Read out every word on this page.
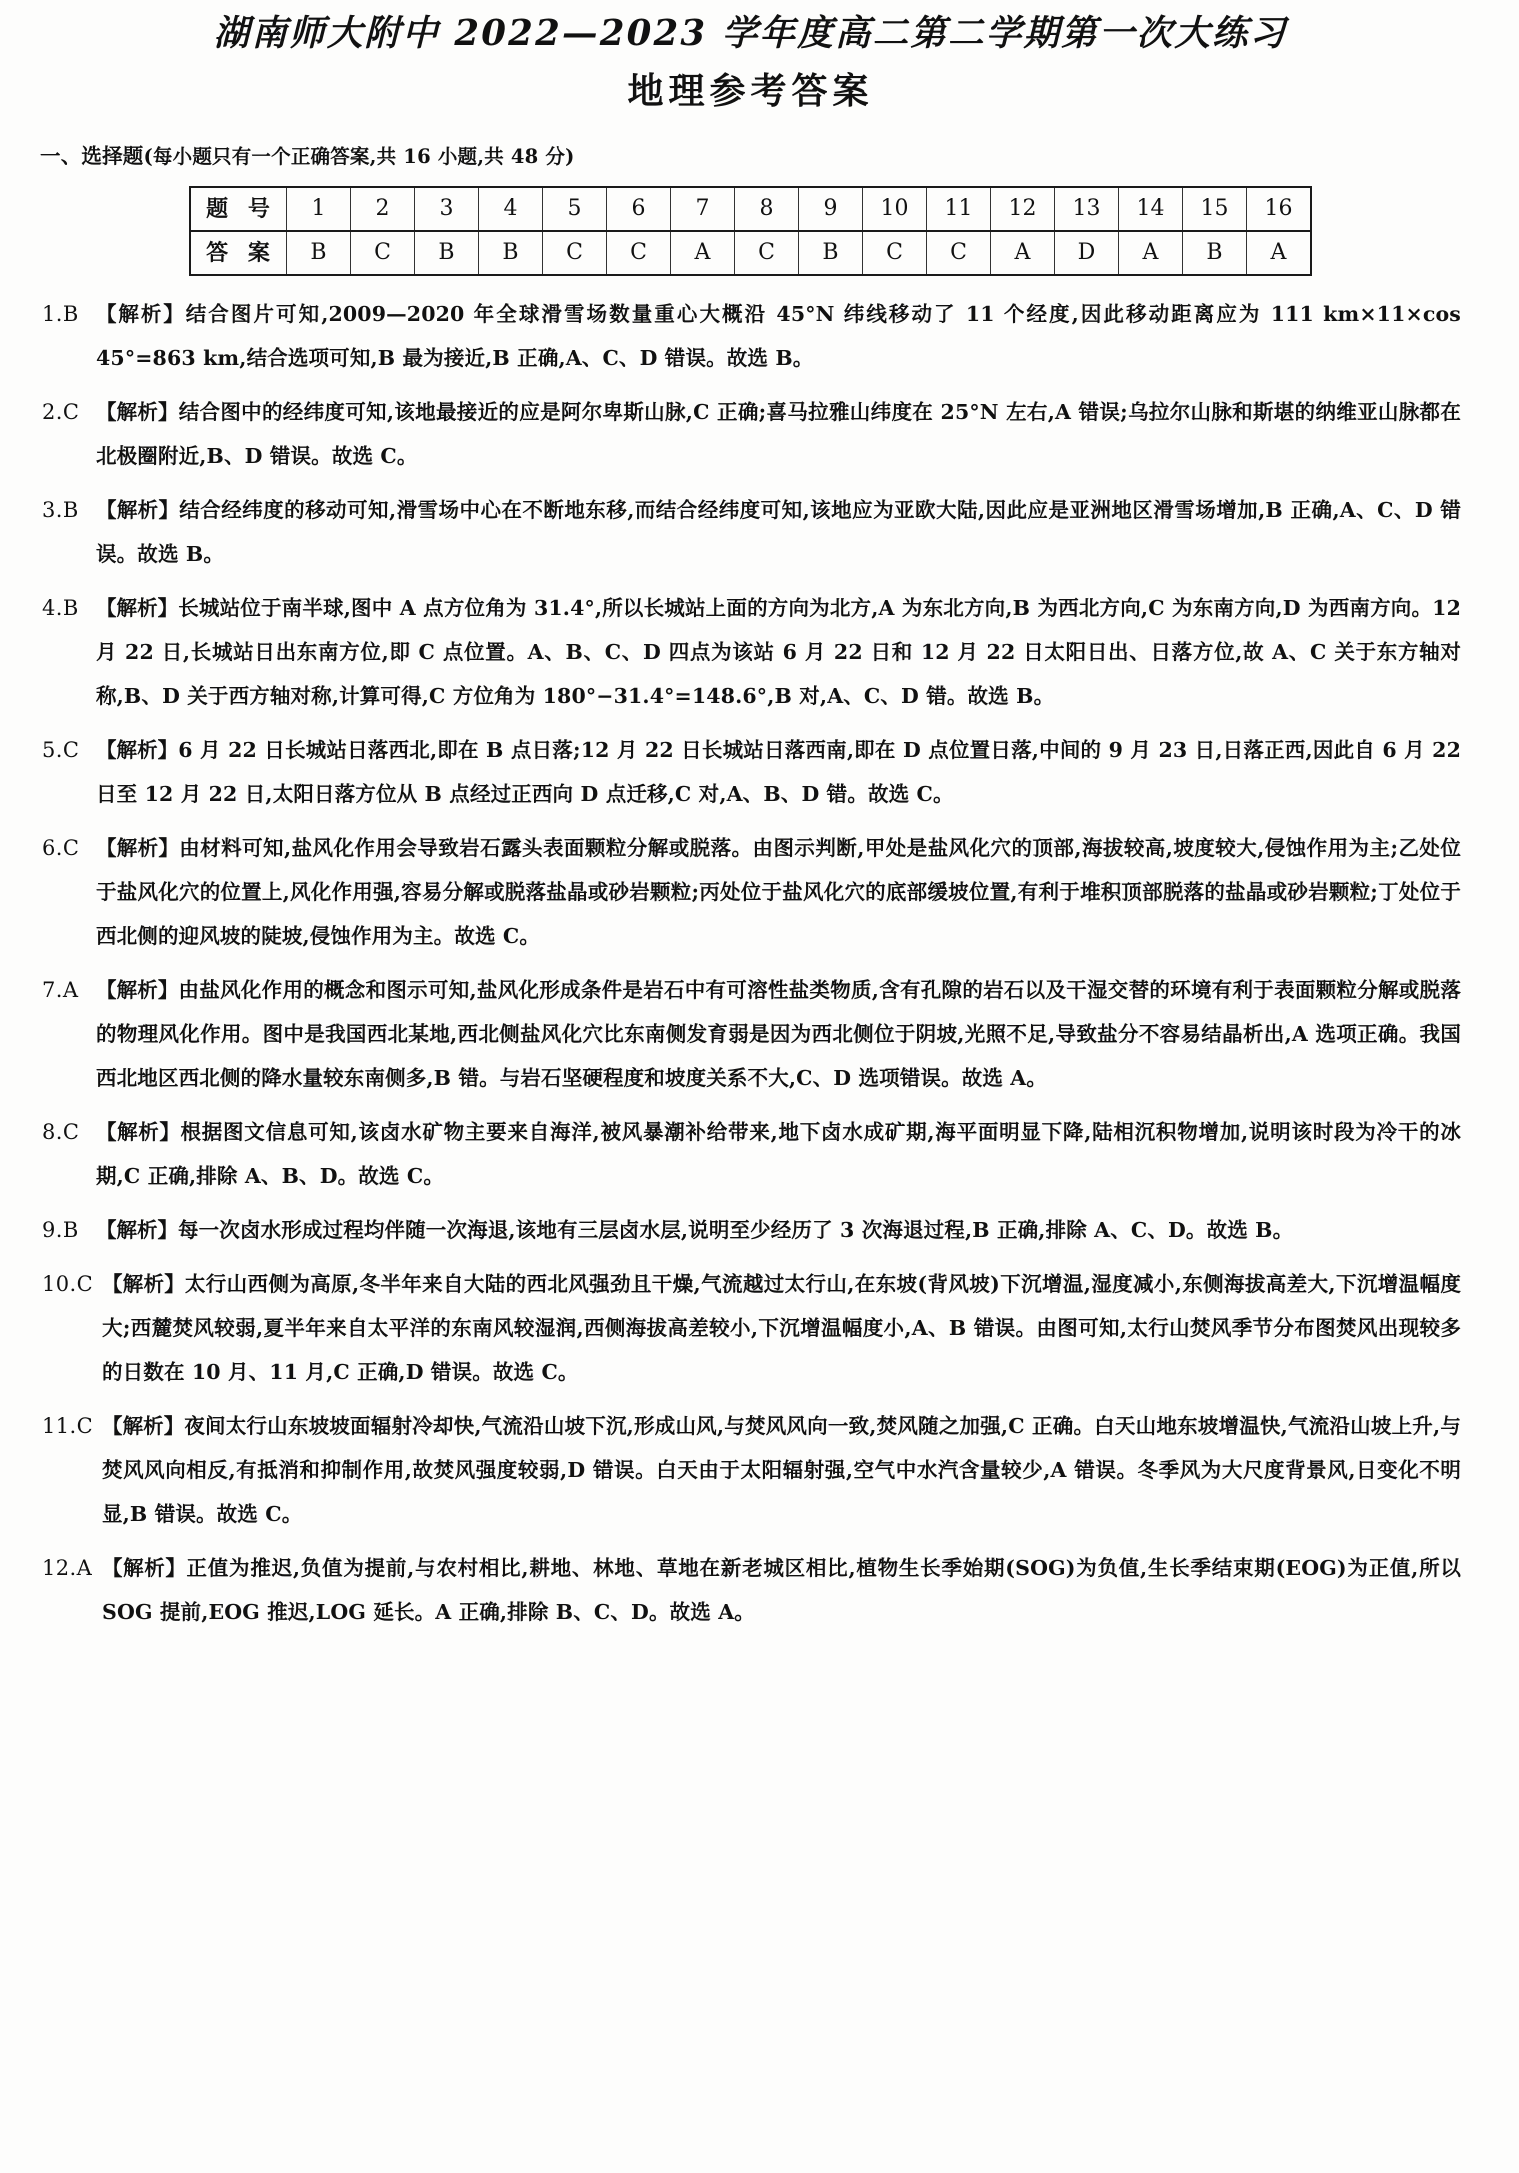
湖南师大附中 2022—2023 学年度高二第二学期第一次大练习
地理参考答案
一、选择题(每小题只有一个正确答案,共 16 小题,共 48 分)
题 号	1	2	3	4	5	6	7	8	9	10	11	12	13	14	15	16
答 案	B	C	B	B	C	C	A	C	B	C	C	A	D	A	B	A
1.B 【解析】结合图片可知,2009—2020 年全球滑雪场数量重心大概沿 45°N 纬线移动了 11 个经度,因此移动距离应为 111 km×11×cos 45°=863 km,结合选项可知,B 最为接近,B 正确,A、C、D 错误。故选 B。
2.C 【解析】结合图中的经纬度可知,该地最接近的应是阿尔卑斯山脉,C 正确;喜马拉雅山纬度在 25°N 左右,A 错误;乌拉尔山脉和斯堪的纳维亚山脉都在北极圈附近,B、D 错误。故选 C。
3.B 【解析】结合经纬度的移动可知,滑雪场中心在不断地东移,而结合经纬度可知,该地应为亚欧大陆,因此应是亚洲地区滑雪场增加,B 正确,A、C、D 错误。故选 B。
4.B 【解析】长城站位于南半球,图中 A 点方位角为 31.4°,所以长城站上面的方向为北方,A 为东北方向,B 为西北方向,C 为东南方向,D 为西南方向。12 月 22 日,长城站日出东南方位,即 C 点位置。A、B、C、D 四点为该站 6 月 22 日和 12 月 22 日太阳日出、日落方位,故 A、C 关于东方轴对称,B、D 关于西方轴对称,计算可得,C 方位角为 180°−31.4°=148.6°,B 对,A、C、D 错。故选 B。
5.C 【解析】6 月 22 日长城站日落西北,即在 B 点日落;12 月 22 日长城站日落西南,即在 D 点位置日落,中间的 9 月 23 日,日落正西,因此自 6 月 22 日至 12 月 22 日,太阳日落方位从 B 点经过正西向 D 点迁移,C 对,A、B、D 错。故选 C。
6.C 【解析】由材料可知,盐风化作用会导致岩石露头表面颗粒分解或脱落。由图示判断,甲处是盐风化穴的顶部,海拔较高,坡度较大,侵蚀作用为主;乙处位于盐风化穴的位置上,风化作用强,容易分解或脱落盐晶或砂岩颗粒;丙处位于盐风化穴的底部缓坡位置,有利于堆积顶部脱落的盐晶或砂岩颗粒;丁处位于西北侧的迎风坡的陡坡,侵蚀作用为主。故选 C。
7.A 【解析】由盐风化作用的概念和图示可知,盐风化形成条件是岩石中有可溶性盐类物质,含有孔隙的岩石以及干湿交替的环境有利于表面颗粒分解或脱落的物理风化作用。图中是我国西北某地,西北侧盐风化穴比东南侧发育弱是因为西北侧位于阴坡,光照不足,导致盐分不容易结晶析出,A 选项正确。我国西北地区西北侧的降水量较东南侧多,B 错。与岩石坚硬程度和坡度关系不大,C、D 选项错误。故选 A。
8.C 【解析】根据图文信息可知,该卤水矿物主要来自海洋,被风暴潮补给带来,地下卤水成矿期,海平面明显下降,陆相沉积物增加,说明该时段为冷干的冰期,C 正确,排除 A、B、D。故选 C。
9.B 【解析】每一次卤水形成过程均伴随一次海退,该地有三层卤水层,说明至少经历了 3 次海退过程,B 正确,排除 A、C、D。故选 B。
10.C 【解析】太行山西侧为高原,冬半年来自大陆的西北风强劲且干燥,气流越过太行山,在东坡(背风坡)下沉增温,湿度减小,东侧海拔高差大,下沉增温幅度大;西麓焚风较弱,夏半年来自太平洋的东南风较湿润,西侧海拔高差较小,下沉增温幅度小,A、B 错误。由图可知,太行山焚风季节分布图焚风出现较多的日数在 10 月、11 月,C 正确,D 错误。故选 C。
11.C 【解析】夜间太行山东坡坡面辐射冷却快,气流沿山坡下沉,形成山风,与焚风风向一致,焚风随之加强,C 正确。白天山地东坡增温快,气流沿山坡上升,与焚风风向相反,有抵消和抑制作用,故焚风强度较弱,D 错误。白天由于太阳辐射强,空气中水汽含量较少,A 错误。冬季风为大尺度背景风,日变化不明显,B 错误。故选 C。
12.A 【解析】正值为推迟,负值为提前,与农村相比,耕地、林地、草地在新老城区相比,植物生长季始期(SOG)为负值,生长季结束期(EOG)为正值,所以 SOG 提前,EOG 推迟,LOG 延长。A 正确,排除 B、C、D。故选 A。
